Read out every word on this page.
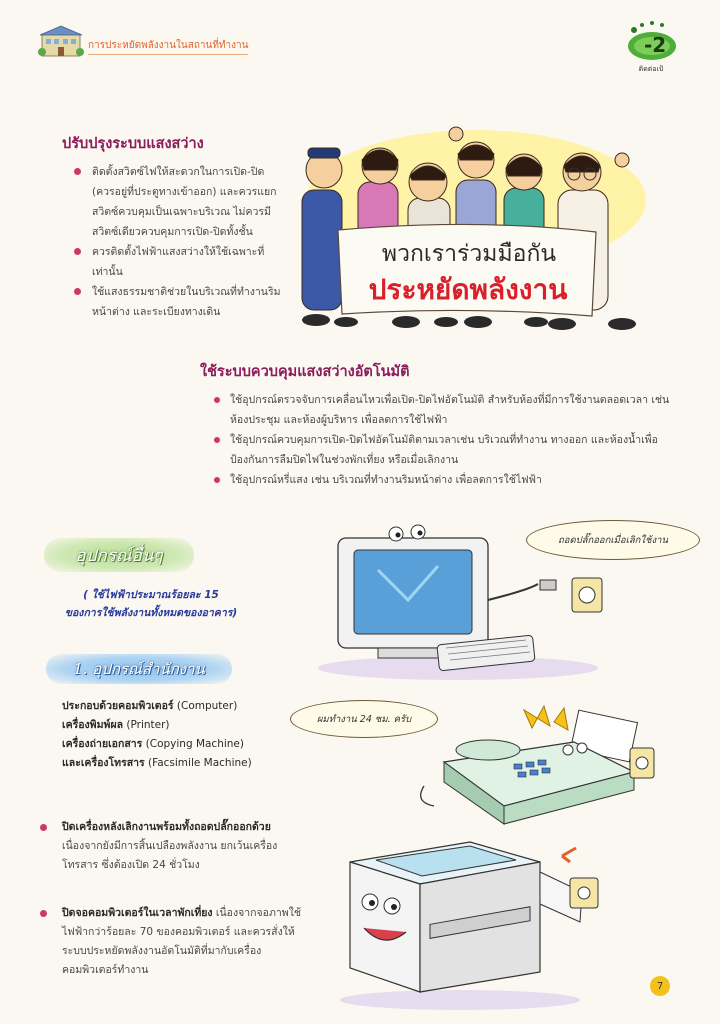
การประหยัดพลังงานในสถานที่ทำงาน	-2
ติดต่อเป้
ปรับปรุงระบบแสงสว่าง
ติดตั้งสวิตซ์ไฟให้สะดวกในการเปิด-ปิด (ควรอยู่ที่ประตูทางเข้าออก) และควรแยกสวิตซ์ควบคุมเป็นเฉพาะบริเวณ ไม่ควรมีสวิตซ์เดียวควบคุมการเปิด-ปิดทั้งชั้น
ควรติดตั้งไฟฟ้าแสงสว่างให้ใช้เฉพาะที่เท่านั้น
ใช้แสงธรรมชาติช่วยในบริเวณที่ทำงานริมหน้าต่าง และระเบียงทางเดิน
พวกเราร่วมมือกัน
ประหยัดพลังงาน
ใช้ระบบควบคุมแสงสว่างอัตโนมัติ
ใช้อุปกรณ์ตรวจจับการเคลื่อนไหวเพื่อเปิด-ปิดไฟอัตโนมัติ สำหรับห้องที่มีการใช้งานตลอดเวลา เช่น ห้องประชุม และห้องผู้บริหาร เพื่อลดการใช้ไฟฟ้า
ใช้อุปกรณ์ควบคุมการเปิด-ปิดไฟอัตโนมัติตามเวลาเช่น บริเวณที่ทำงาน ทางออก และห้องน้ำเพื่อป้องกันการลืมปิดไฟในช่วงพักเที่ยง หรือเมื่อเลิกงาน
ใช้อุปกรณ์หรี่แสง เช่น บริเวณที่ทำงานริมหน้าต่าง เพื่อลดการใช้ไฟฟ้า
อุปกรณ์อื่นๆ
( ใช้ไฟฟ้าประมาณร้อยละ 15
ของการใช้พลังงานทั้งหมดของอาคาร)
ถอดปลั๊กออกเมื่อเลิกใช้งาน
1. อุปกรณ์สำนักงาน
ประกอบด้วยคอมพิวเตอร์ (Computer)
เครื่องพิมพ์ผล (Printer)
เครื่องถ่ายเอกสาร (Copying Machine)
และเครื่องโทรสาร (Facsimile Machine)
ผมทำงาน 24 ชม. ครับ
ปิดเครื่องหลังเลิกงานพร้อมทั้งถอดปลั๊กออกด้วย เนื่องจากยังมีการสิ้นเปลืองพลังงาน ยกเว้นเครื่องโทรสาร ซึ่งต้องเปิด 24 ชั่วโมง
ปิดจอคอมพิวเตอร์ในเวลาพักเที่ยง เนื่องจากจอภาพใช้ไฟฟ้ากว่าร้อยละ 70 ของคอมพิวเตอร์ และควรสั่งให้ระบบประหยัดพลังงานอัตโนมัติที่มากับเครื่องคอมพิวเตอร์ทำงาน
7
